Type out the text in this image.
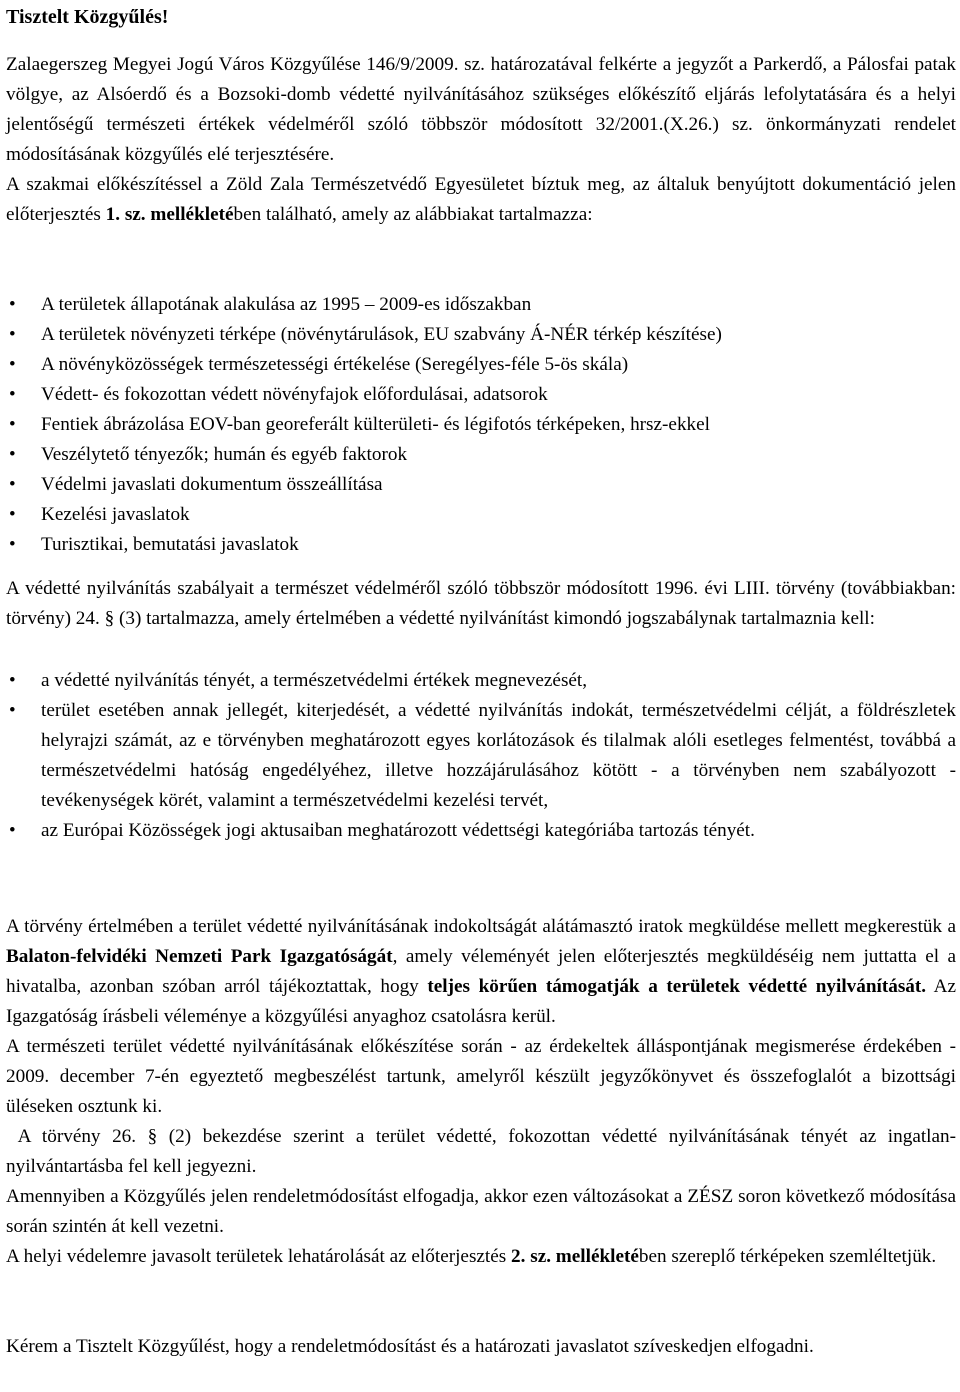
Tisztelt Közgyűlés!

Zalaegerszeg Megyei Jogú Város Közgyűlése 146/9/2009. sz. határozatával felkérte a jegyzőt a Parkerdő, a Pálosfai patak völgye, az Alsóerdő és a Bozsoki-domb védetté nyilvánításához szükséges előkészítő eljárás lefolytatására és a helyi jelentőségű természeti értékek védelméről szóló többször módosított 32/2001.(X.26.) sz. önkormányzati rendelet módosításának közgyűlés elé terjesztésére.

A szakmai előkészítéssel a Zöld Zala Természetvédő Egyesületet bíztuk meg, az általuk benyújtott dokumentáció jelen előterjesztés 1. sz. mellékletében található, amely az alábbiakat tartalmazza:

• A területek állapotának alakulása az 1995 – 2009-es időszakban
• A területek növényzeti térképe (növénytárulások, EU szabvány Á-NÉR térkép készítése)
• A növényközösségek természetességi értékelése (Seregélyes-féle 5-ös skála)
• Védett- és fokozottan védett növényfajok előfordulásai, adatsorok
• Fentiek ábrázolása EOV-ban georeferált külterületi- és légifotós térképeken, hrsz-ekkel
• Veszélytető tényezők; humán és egyéb faktorok
• Védelmi javaslati dokumentum összeállítása
• Kezelési javaslatok
• Turisztikai, bemutatási javaslatok

A védetté nyilvánítás szabályait a természet védelméről szóló többször módosított 1996. évi LIII. törvény (továbbiakban: törvény) 24. § (3) tartalmazza, amely értelmében a védetté nyilvánítást kimondó jogszabálynak tartalmaznia kell:

• a védetté nyilvánítás tényét, a természetvédelmi értékek megnevezését,
• terület esetében annak jellegét, kiterjedését, a védetté nyilvánítás indokát, természetvédelmi célját, a földrészletek helyrajzi számát, az e törvényben meghatározott egyes korlátozások és tilalmak alóli esetleges felmentést, továbbá a természetvédelmi hatóság engedélyéhez, illetve hozzájárulásához kötött - a törvényben nem szabályozott - tevékenységek körét, valamint a természetvédelmi kezelési tervét,
• az Európai Közösségek jogi aktusaiban meghatározott védettségi kategóriába tartozás tényét.

A törvény értelmében a terület védetté nyilvánításának indokoltságát alátámasztó iratok megküldése mellett megkerestük a Balaton-felvidéki Nemzeti Park Igazgatóságát, amely véleményét jelen előterjesztés megküldéséig nem juttatta el a hivatalba, azonban szóban arról tájékoztattak, hogy teljes körűen támogatják a területek védetté nyilvánítását. Az Igazgatóság írásbeli véleménye a közgyűlési anyaghoz csatolásra kerül.

A természeti terület védetté nyilvánításának előkészítése során - az érdekeltek álláspontjának megismerése érdekében - 2009. december 7-én egyeztető megbeszélést tartunk, amelyről készült jegyzőkönyvet és összefoglalót a bizottsági üléseken osztunk ki.

A törvény 26. § (2) bekezdése szerint a terület védetté, fokozottan védetté nyilvánításának tényét az ingatlan-nyilvántartásba fel kell jegyezni.

Amennyiben a Közgyűlés jelen rendeletmódosítást elfogadja, akkor ezen változásokat a ZÉSZ soron következő módosítása során szintén át kell vezetni.

A helyi védelemre javasolt területek lehatárolását az előterjesztés 2. sz. mellékletében szereplő térképeken szemléltetjük.

Kérem a Tisztelt Közgyűlést, hogy a rendeletmódosítást és a határozati javaslatot szíveskedjen elfogadni.
